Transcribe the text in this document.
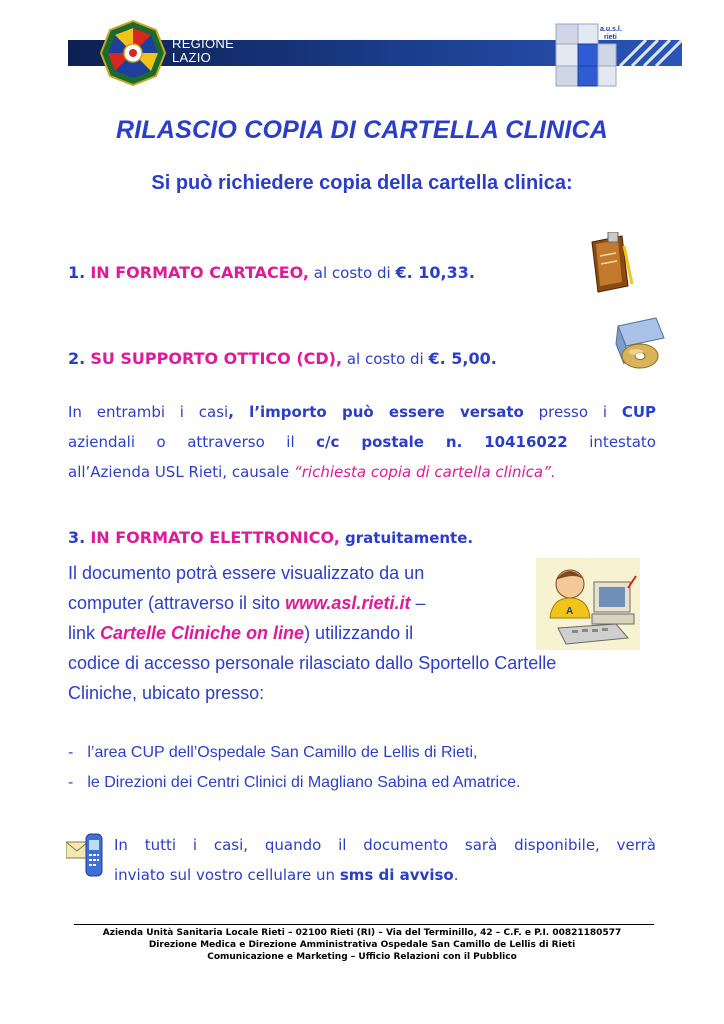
REGIONE
LAZIO
a.u.s.l.
rieti
RILASCIO COPIA DI CARTELLA CLINICA
Si può richiedere copia della cartella clinica:
1. IN FORMATO CARTACEO, al costo di €. 10,33.
2. SU SUPPORTO OTTICO (CD), al costo di €. 5,00.
In entrambi i casi, l’importo può essere versato presso i CUP
aziendali o attraverso il c/c postale n. 10416022 intestato
all’Azienda USL Rieti, causale “richiesta copia di cartella clinica”.
3. IN FORMATO ELETTRONICO, gratuitamente.
Il documento potrà essere visualizzato da un
computer (attraverso il sito www.asl.rieti.it –
link Cartelle Cliniche on line) utilizzando il
codice di accesso personale rilasciato dallo Sportello Cartelle
Cliniche, ubicato presso:
A
- l’area CUP dell’Ospedale San Camillo de Lellis di Rieti,
- le Direzioni dei Centri Clinici di Magliano Sabina ed Amatrice.
In tutti i casi, quando il documento sarà disponibile, verrà
inviato sul vostro cellulare un sms di avviso.
Azienda Unità Sanitaria Locale Rieti – 02100 Rieti (RI) – Via del Terminillo, 42 – C.F. e P.I. 00821180577
Direzione Medica e Direzione Amministrativa Ospedale San Camillo de Lellis di Rieti
Comunicazione e Marketing – Ufficio Relazioni con il Pubblico
